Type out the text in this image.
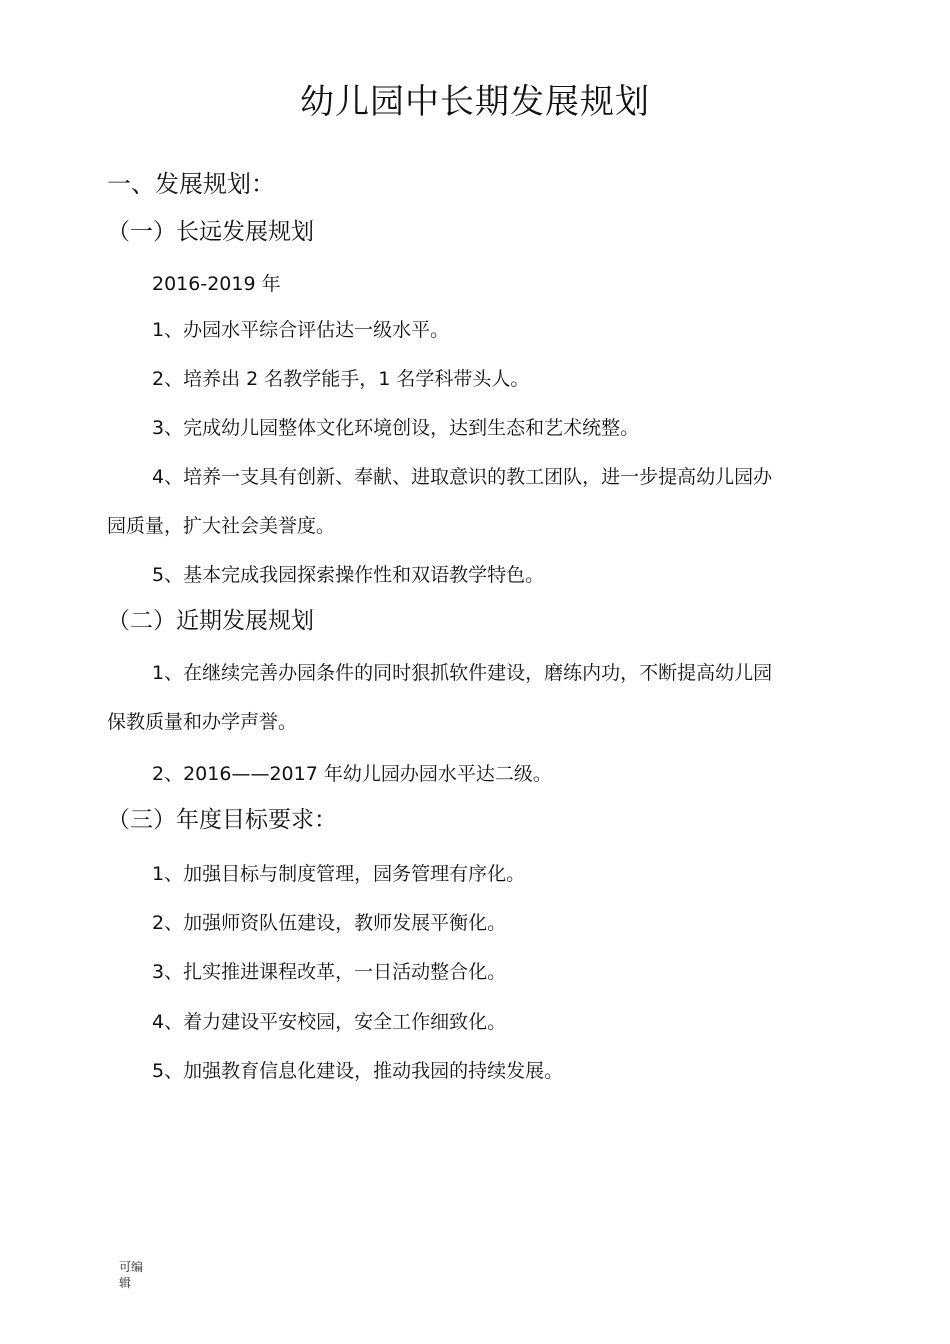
幼儿园中长期发展规划
一、发展规划：
（一）长远发展规划

2016-2019 年

1、办园水平综合评估达一级水平。

2、培养出 2 名教学能手，1 名学科带头人。

3、完成幼儿园整体文化环境创设，达到生态和艺术统整。

4、培养一支具有创新、奉献、进取意识的教工团队，进一步提高幼儿园办
园质量，扩大社会美誉度。

5、基本完成我园探索操作性和双语教学特色。

（二）近期发展规划

1、在继续完善办园条件的同时狠抓软件建设，磨练内功，不断提高幼儿园
保教质量和办学声誉。

2、2016——2017 年幼儿园办园水平达二级。

（三）年度目标要求：

1、加强目标与制度管理，园务管理有序化。

2、加强师资队伍建设，教师发展平衡化。

3、扎实推进课程改革，一日活动整合化。

4、着力建设平安校园，安全工作细致化。

5、加强教育信息化建设，推动我园的持续发展。

可编辑
